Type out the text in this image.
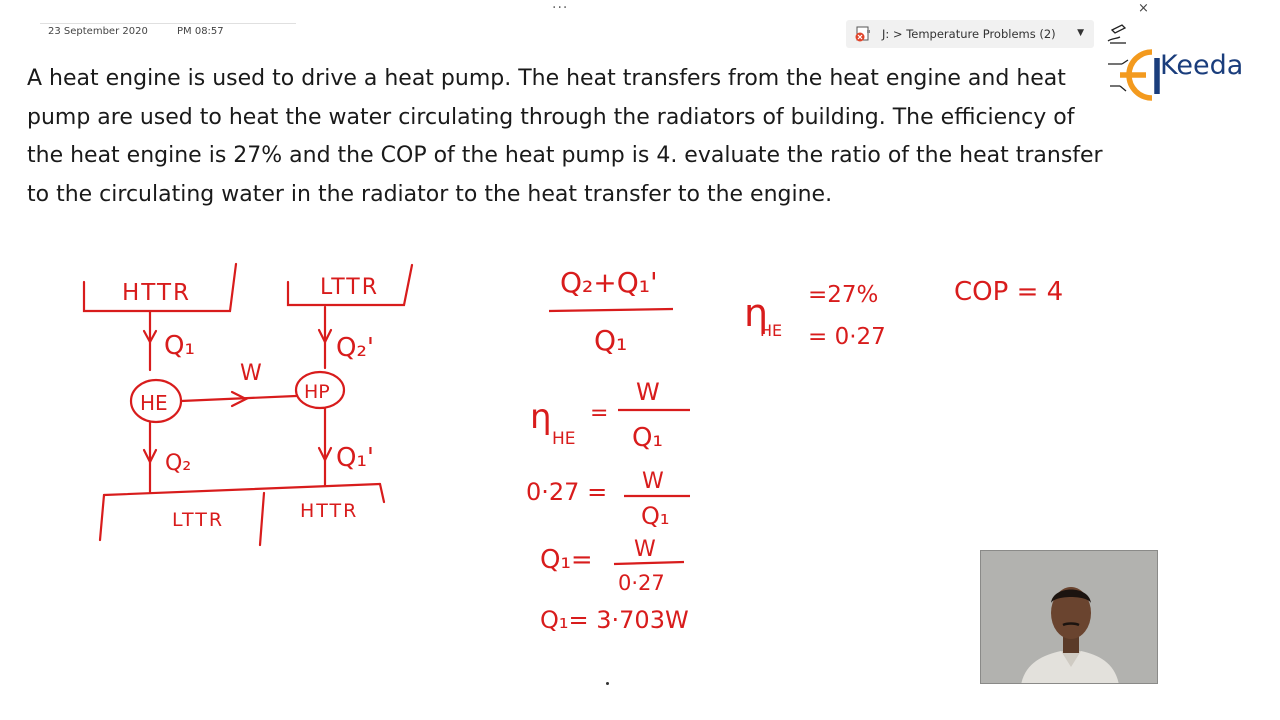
···	×
23 September 2020	PM 08:57	J: > Temperature Problems (2) ▼
Keeda

A heat engine is used to drive a heat pump. The heat transfers from the heat engine and heat pump are used to heat the water circulating through the radiators of building. The efficiency of the heat engine is 27% and the COP of the heat pump is 4. evaluate the ratio of the heat transfer to the circulating water in the radiator to the heat transfer to the engine.

HTTR	LTTR
Q₁	Q₂'
HE	HP
W
Q₂	Q₁'
LTTR	HTTR
Q₂+Q₁'
Q₁
η
HE
=
W
Q₁
0·27 = W
Q₁
Q₁= W
0·27
Q₁= 3·703W
η
HE
=27%
= 0·27
COP = 4
